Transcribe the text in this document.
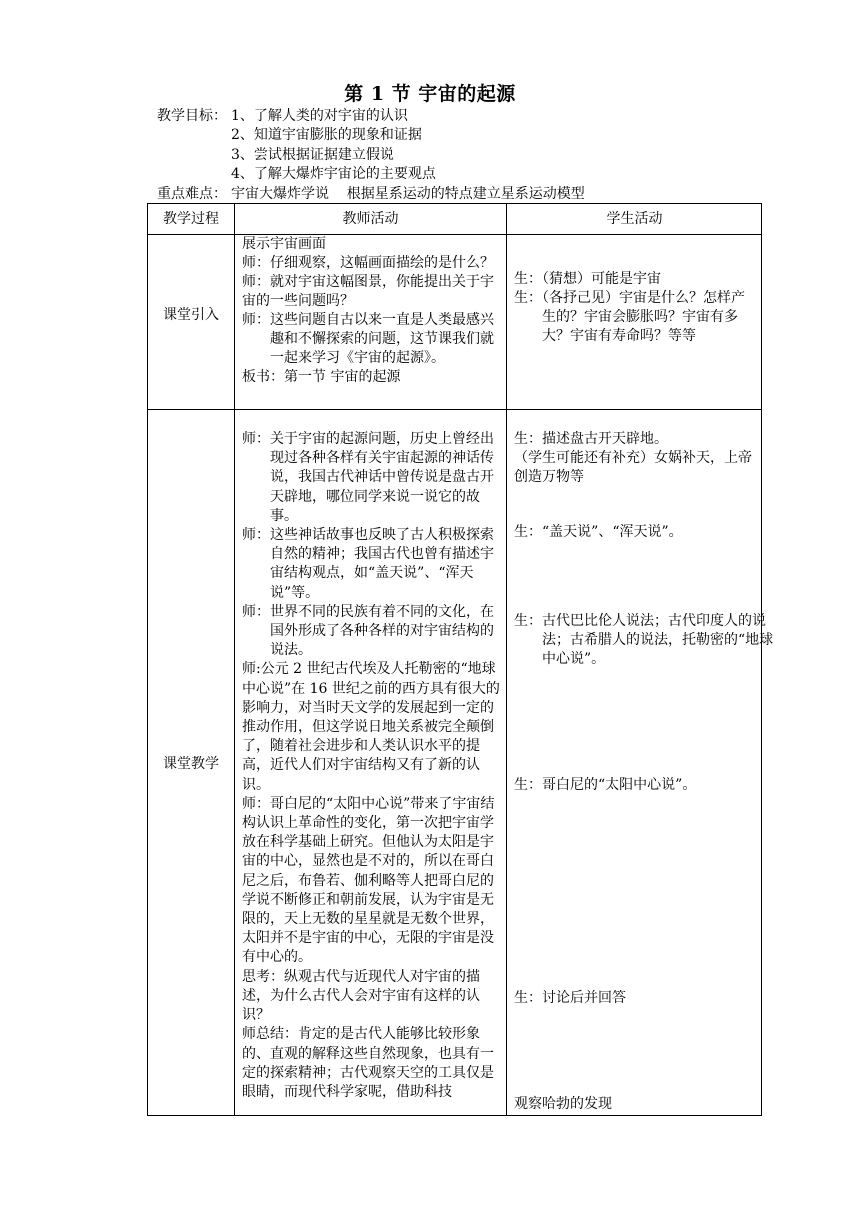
第 1 节 宇宙的起源
教学目标： 1、了解人类的对宇宙的认识
2、知道宇宙膨胀的现象和证据
3、尝试根据证据建立假说
4、了解大爆炸宇宙论的主要观点
重点难点： 宇宙大爆炸学说    根据星系运动的特点建立星系运动模型
教学过程	教师活动	学生活动
课堂引入

展示宇宙画面

师：仔细观察，这幅画面描绘的是什么？

师：就对宇宙这幅图景，你能提出关于宇宙的一些问题吗？

师：这些问题自古以来一直是人类最感兴趣和不懈探索的问题，这节课我们就一起来学习《宇宙的起源》。

板书：第一节 宇宙的起源

生：（猜想）可能是宇宙

生：（各抒己见）宇宙是什么？怎样产生的？宇宙会膨胀吗？宇宙有多大？宇宙有寿命吗？等等

课堂教学

师：关于宇宙的起源问题，历史上曾经出现过各种各样有关宇宙起源的神话传说，我国古代神话中曾传说是盘古开天辟地，哪位同学来说一说它的故事。

师：这些神话故事也反映了古人积极探索自然的精神；我国古代也曾有描述宇宙结构观点，如“盖天说”、“浑天说”等。

师：世界不同的民族有着不同的文化，在国外形成了各种各样的对宇宙结构的说法。

师:公元 2 世纪古代埃及人托勒密的“地球中心说”在 16 世纪之前的西方具有很大的影响力，对当时天文学的发展起到一定的推动作用，但这学说日地关系被完全颠倒了，随着社会进步和人类认识水平的提高，近代人们对宇宙结构又有了新的认识。

师：哥白尼的“太阳中心说”带来了宇宙结构认识上革命性的变化，第一次把宇宙学放在科学基础上研究。但他认为太阳是宇宙的中心，显然也是不对的，所以在哥白尼之后，布鲁若、伽利略等人把哥白尼的学说不断修正和朝前发展，认为宇宙是无限的，天上无数的星星就是无数个世界，太阳并不是宇宙的中心，无限的宇宙是没有中心的。

思考：纵观古代与近现代人对宇宙的描述，为什么古代人会对宇宙有这样的认识？

师总结：肯定的是古代人能够比较形象的、直观的解释这些自然现象，也具有一定的探索精神；古代观察天空的工具仅是眼睛，而现代科学家呢，借助科技

生：描述盘古开天辟地。
（学生可能还有补充）女娲补天，上帝创造万物等
生：“盖天说”、“浑天说”。
生：古代巴比伦人说法；古代印度人的说法；古希腊人的说法，托勒密的“地球中心说”。
生：哥白尼的“太阳中心说”。
生：讨论后并回答
观察哈勃的发现
